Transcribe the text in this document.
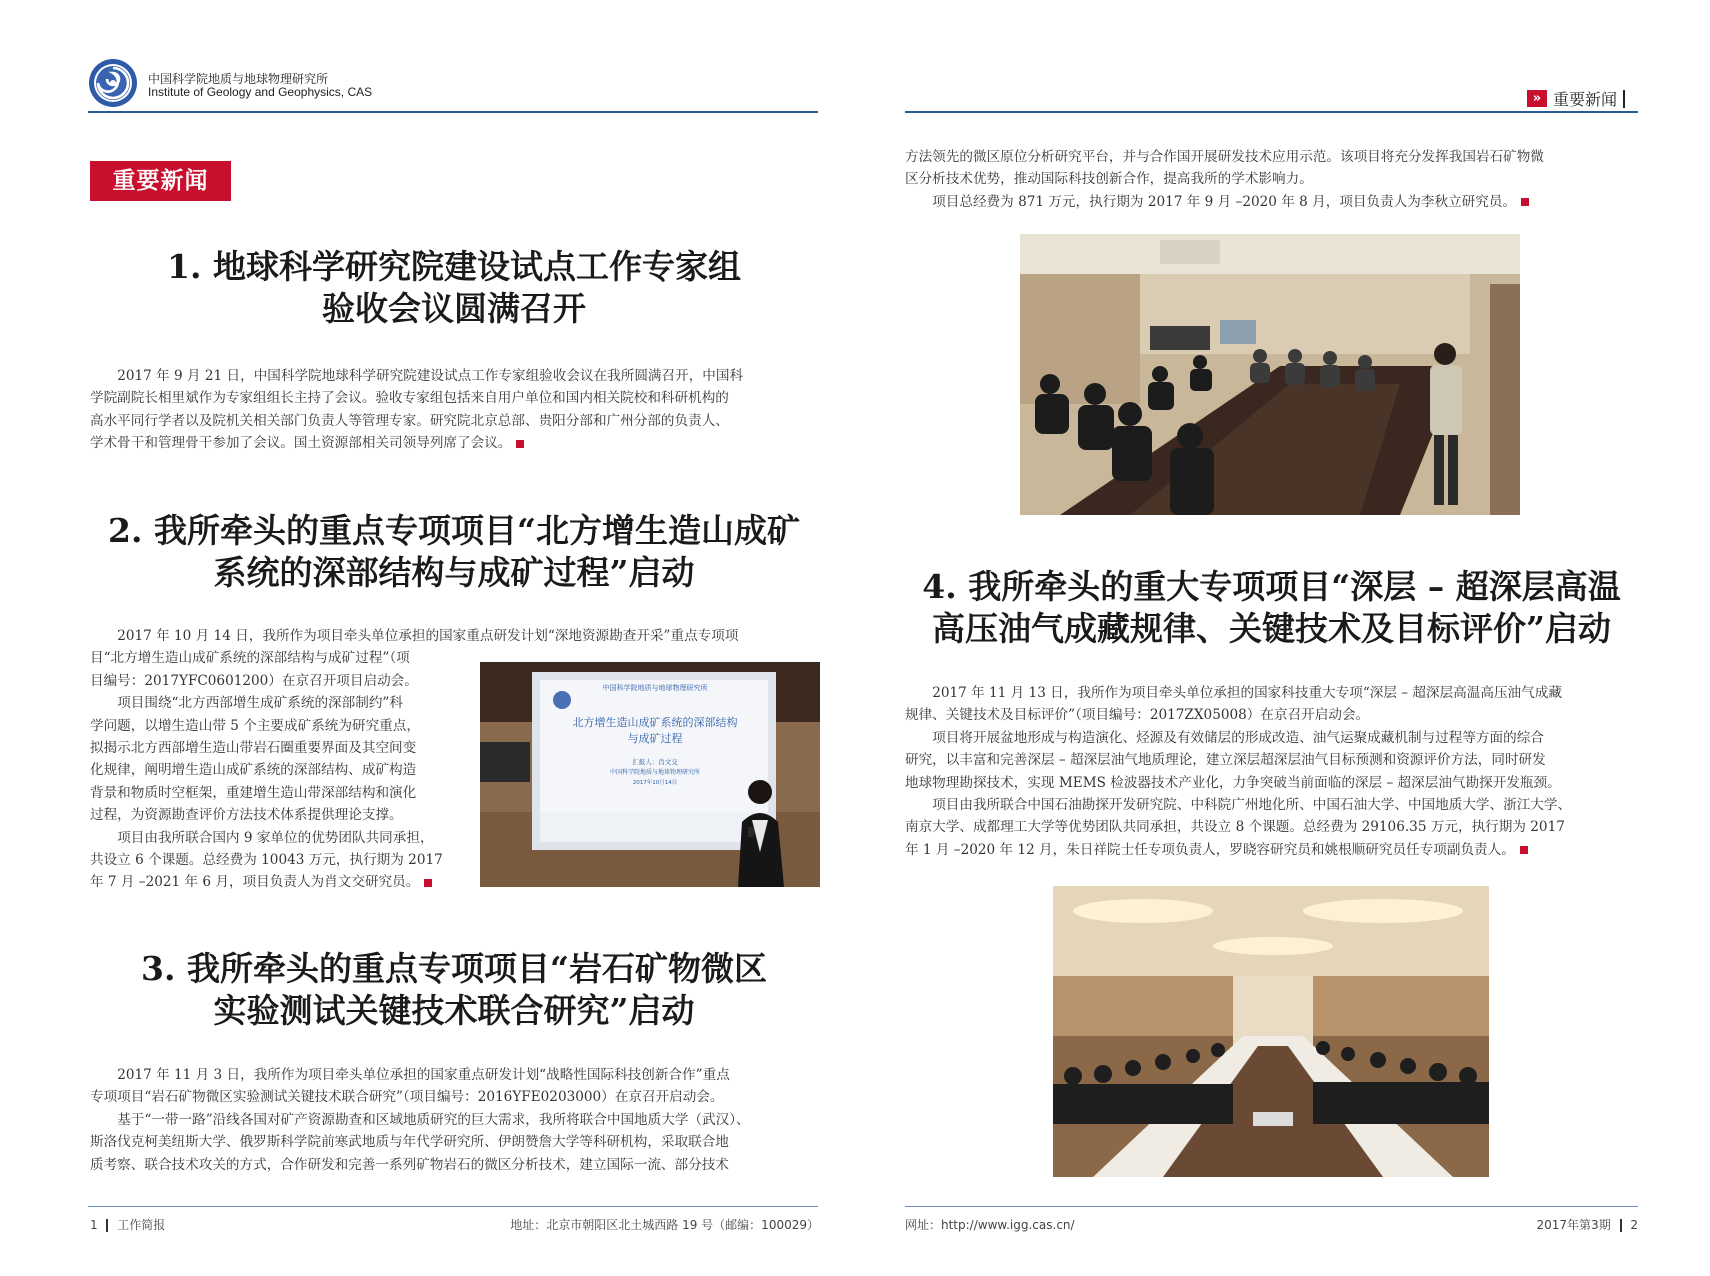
中国科学院地质与地球物理研究所
Institute of Geology and Geophysics, CAS	» 重要新闻
重要新闻
1. 地球科学研究院建设试点工作专家组
验收会议圆满召开

2017 年 9 月 21 日，中国科学院地球科学研究院建设试点工作专家组验收会议在我所圆满召开，中国科

学院副院长相里斌作为专家组组长主持了会议。验收专家组包括来自用户单位和国内相关院校和科研机构的

高水平同行学者以及院机关相关部门负责人等管理专家。研究院北京总部、贵阳分部和广州分部的负责人、

学术骨干和管理骨干参加了会议。国土资源部相关司领导列席了会议。

2. 我所牵头的重点专项项目“北方增生造山成矿
系统的深部结构与成矿过程”启动

2017 年 10 月 14 日，我所作为项目牵头单位承担的国家重点研发计划“深地资源勘查开采”重点专项项

目“北方增生造山成矿系统的深部结构与成矿过程”（项

目编号：2017YFC0601200）在京召开项目启动会。

项目围绕“北方西部增生成矿系统的深部制约”科

学问题，以增生造山带 5 个主要成矿系统为研究重点，

拟揭示北方西部增生造山带岩石圈重要界面及其空间变

化规律，阐明增生造山成矿系统的深部结构、成矿构造

背景和物质时空框架，重建增生造山带深部结构和演化

过程，为资源勘查评价方法技术体系提供理论支撑。

项目由我所联合国内 9 家单位的优势团队共同承担，

共设立 6 个课题。总经费为 10043 万元，执行期为 2017

年 7 月 –2021 年 6 月，项目负责人为肖文交研究员。

中国科学院地质与地球物理研究所
北方增生造山成矿系统的深部结构
与成矿过程
汇报人：肖文交
中国科学院地质与地球物理研究所
2017年10月14日
3. 我所牵头的重点专项项目“岩石矿物微区
实验测试关键技术联合研究”启动

2017 年 11 月 3 日，我所作为项目牵头单位承担的国家重点研发计划“战略性国际科技创新合作”重点

专项项目“岩石矿物微区实验测试关键技术联合研究”（项目编号：2016YFE0203000）在京召开启动会。

基于“一带一路”沿线各国对矿产资源勘查和区域地质研究的巨大需求，我所将联合中国地质大学（武汉）、

斯洛伐克柯美纽斯大学、俄罗斯科学院前寒武地质与年代学研究所、伊朗赞詹大学等科研机构，采取联合地

质考察、联合技术攻关的方式，合作研发和完善一系列矿物岩石的微区分析技术，建立国际一流、部分技术

方法领先的微区原位分析研究平台，并与合作国开展研发技术应用示范。该项目将充分发挥我国岩石矿物微

区分析技术优势，推动国际科技创新合作，提高我所的学术影响力。

项目总经费为 871 万元，执行期为 2017 年 9 月 –2020 年 8 月，项目负责人为李秋立研究员。

4. 我所牵头的重大专项项目“深层 – 超深层高温
高压油气成藏规律、关键技术及目标评价”启动

2017 年 11 月 13 日，我所作为项目牵头单位承担的国家科技重大专项“深层 – 超深层高温高压油气成藏

规律、关键技术及目标评价”（项目编号：2017ZX05008）在京召开启动会。

项目将开展盆地形成与构造演化、烃源及有效储层的形成改造、油气运聚成藏机制与过程等方面的综合

研究，以丰富和完善深层 – 超深层油气地质理论，建立深层超深层油气目标预测和资源评价方法，同时研发

地球物理勘探技术，实现 MEMS 检波器技术产业化，力争突破当前面临的深层 – 超深层油气勘探开发瓶颈。

项目由我所联合中国石油勘探开发研究院、中科院广州地化所、中国石油大学、中国地质大学、浙江大学、

南京大学、成都理工大学等优势团队共同承担，共设立 8 个课题。总经费为 29106.35 万元，执行期为 2017

年 1 月 –2020 年 12 月，朱日祥院士任专项负责人，罗晓容研究员和姚根顺研究员任专项副负责人。

1 工作简报	地址：北京市朝阳区北土城西路 19 号（邮编：100029）	网址：http://www.igg.cas.cn/	2017年第3期 2
